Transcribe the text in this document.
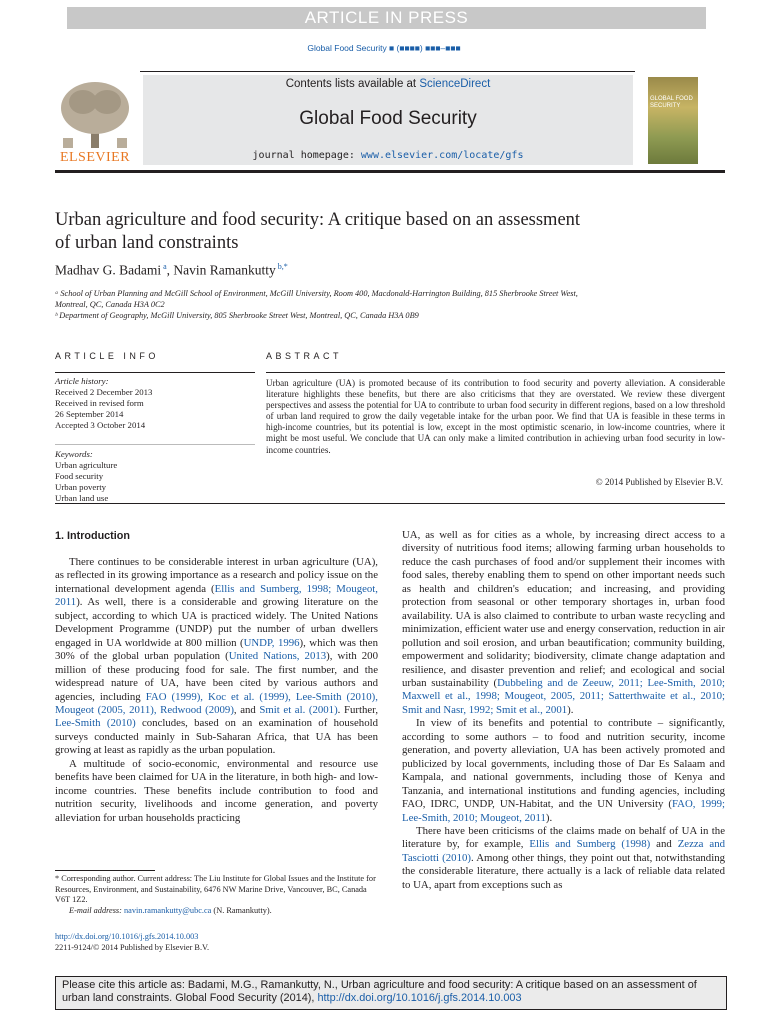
ARTICLE IN PRESS
Global Food Security ■ (■■■■) ■■■–■■■
ELSEVIER
Contents lists available at ScienceDirect
Global Food Security
journal homepage: www.elsevier.com/locate/gfs
GLOBAL FOOD SECURITY
Urban agriculture and food security: A critique based on an assessment
of urban land constraints
Madhav G. Badami $^a$, Navin Ramankutty $^{b,*}$
ᵃ School of Urban Planning and McGill School of Environment, McGill University, Room 400, Macdonald-Harrington Building, 815 Sherbrooke Street West,
Montreal, QC, Canada H3A 0C2
ᵇ Department of Geography, McGill University, 805 Sherbrooke Street West, Montreal, QC, Canada H3A 0B9
ARTICLE INFO
Article history:
Received 2 December 2013
Received in revised form
26 September 2014
Accepted 3 October 2014
Keywords:
Urban agriculture
Food security
Urban poverty
Urban land use
ABSTRACT
Urban agriculture (UA) is promoted because of its contribution to food security and poverty alleviation. A considerable literature highlights these benefits, but there are also criticisms that they are overstated. We review these divergent perspectives and assess the potential for UA to contribute to urban food security in different regions, based on a low threshold of urban land required to grow the daily vegetable intake for the urban poor. We find that UA is feasible in these terms in high-income countries, but its potential is low, except in the most optimistic scenario, in low-income countries, where it might be most useful. We conclude that UA can only make a limited contribution in achieving urban food security in low-income countries.
© 2014 Published by Elsevier B.V.
1. Introduction

There continues to be considerable interest in urban agriculture (UA), as reflected in its growing importance as a research and policy issue on the international development agenda (Ellis and Sumberg, 1998; Mougeot, 2011). As well, there is a considerable and growing literature on the subject, according to which UA is practiced widely. The United Nations Development Programme (UNDP) put the number of urban dwellers engaged in UA worldwide at 800 million (UNDP, 1996), which was then 30% of the global urban population (United Nations, 2013), with 200 million of these producing food for sale. The first number, and the widespread nature of UA, have been cited by various authors and agencies, including FAO (1999), Koc et al. (1999), Lee-Smith (2010), Mougeot (2005, 2011), Redwood (2009), and Smit et al. (2001). Further, Lee-Smith (2010) concludes, based on an examination of household surveys conducted mainly in Sub-Saharan Africa, that UA has been growing at least as rapidly as the urban population.

A multitude of socio-economic, environmental and resource use benefits have been claimed for UA in the literature, in both high- and low-income countries. These benefits include contribution to food and nutrition security, livelihoods and income generation, and poverty alleviation for urban households practicing

UA, as well as for cities as a whole, by increasing direct access to a diversity of nutritious food items; allowing farming urban households to reduce the cash purchases of food and/or supplement their incomes with food sales, thereby enabling them to spend on other important needs such as health and children's education; and increasing, and providing protection from seasonal or other temporary shortages in, urban food availability. UA is also claimed to contribute to urban waste recycling and minimization, efficient water use and energy conservation, reduction in air pollution and soil erosion, and urban beautification; community building, empowerment and solidarity; biodiversity, climate change adaptation and resilience, and disaster prevention and relief; and ecological and social urban sustainability (Dubbeling and de Zeeuw, 2011; Lee-Smith, 2010; Maxwell et al., 1998; Mougeot, 2005, 2011; Satterthwaite et al., 2010; Smit and Nasr, 1992; Smit et al., 2001).

In view of its benefits and potential to contribute – significantly, according to some authors – to food and nutrition security, income generation, and poverty alleviation, UA has been actively promoted and publicized by local governments, including those of Dar Es Salaam and Kampala, and national governments, including those of Kenya and Tanzania, and international institutions and funding agencies, including FAO, IDRC, UNDP, UN-Habitat, and the UN University (FAO, 1999; Lee-Smith, 2010; Mougeot, 2011).

There have been criticisms of the claims made on behalf of UA in the literature by, for example, Ellis and Sumberg (1998) and Zezza and Tasciotti (2010). Among other things, they point out that, notwithstanding the considerable literature, there actually is a lack of reliable data related to UA, apart from exceptions such as

* Corresponding author. Current address: The Liu Institute for Global Issues and the Institute for Resources, Environment, and Sustainability, 6476 NW Marine Drive, Vancouver, BC, Canada V6T 1Z2.
E-mail address: navin.ramankutty@ubc.ca (N. Ramankutty).
http://dx.doi.org/10.1016/j.gfs.2014.10.003
2211-9124/© 2014 Published by Elsevier B.V.
Please cite this article as: Badami, M.G., Ramankutty, N., Urban agriculture and food security: A critique based on an assessment of urban land constraints. Global Food Security (2014), http://dx.doi.org/10.1016/j.gfs.2014.10.003
